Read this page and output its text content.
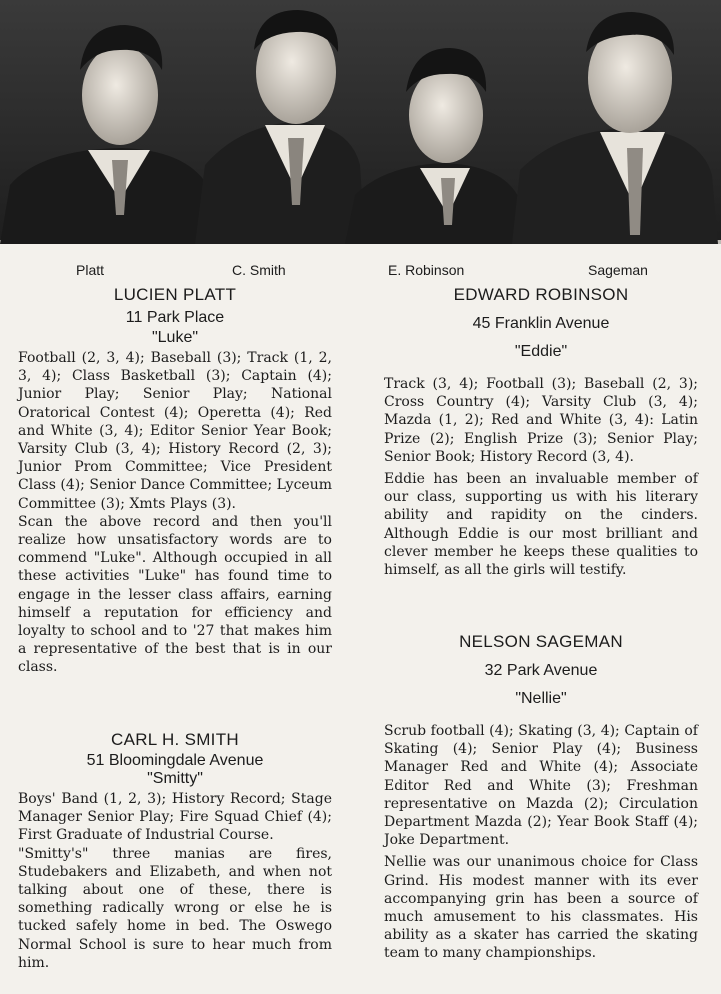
Platt	C. Smith	E. Robinson	Sageman

LUCIEN PLATT

11 Park Place

"Luke"

Football (2, 3, 4); Baseball (3); Track (1, 2, 3, 4); Class Basketball (3); Captain (4); Junior Play; Senior Play; National Oratorical Contest (4); Operetta (4); Red and White (3, 4); Editor Senior Year Book; Varsity Club (3, 4); History Record (2, 3); Junior Prom Committee; Vice President Class (4); Senior Dance Committee; Lyceum Committee (3); Xmts Plays (3).

Scan the above record and then you'll realize how unsatisfactory words are to commend "Luke". Although occupied in all these activities "Luke" has found time to engage in the lesser class affairs, earning himself a reputation for efficiency and loyalty to school and to '27 that makes him a representative of the best that is in our class.

CARL H. SMITH

51 Bloomingdale Avenue

"Smitty"

Boys' Band (1, 2, 3); History Record; Stage Manager Senior Play; Fire Squad Chief (4); First Graduate of Industrial Course.

"Smitty's" three manias are fires, Studebakers and Elizabeth, and when not talking about one of these, there is something radically wrong or else he is tucked safely home in bed. The Oswego Normal School is sure to hear much from him.

EDWARD ROBINSON

45 Franklin Avenue

"Eddie"

Track (3, 4); Football (3); Baseball (2, 3); Cross Country (4); Varsity Club (3, 4); Mazda (1, 2); Red and White (3, 4): Latin Prize (2); English Prize (3); Senior Play; Senior Book; History Record (3, 4).

Eddie has been an invaluable member of our class, supporting us with his literary ability and rapidity on the cinders. Although Eddie is our most brilliant and clever member he keeps these qualities to himself, as all the girls will testify.

NELSON SAGEMAN

32 Park Avenue

"Nellie"

Scrub football (4); Skating (3, 4); Captain of Skating (4); Senior Play (4); Business Manager Red and White (4); Associate Editor Red and White (3); Freshman representative on Mazda (2); Circulation Department Mazda (2); Year Book Staff (4); Joke Department.

Nellie was our unanimous choice for Class Grind. His modest manner with its ever accompanying grin has been a source of much amusement to his classmates. His ability as a skater has carried the skating team to many championships.
